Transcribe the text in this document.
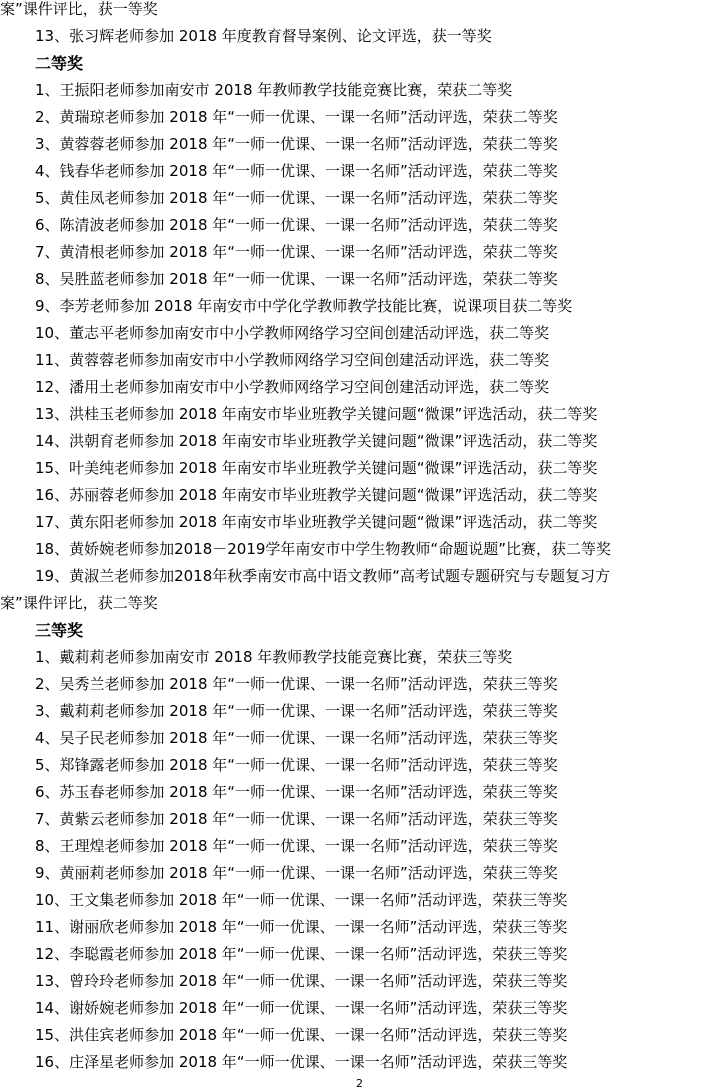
案”课件评比，获一等奖
13、张习辉老师参加 2018 年度教育督导案例、论文评选，获一等奖
二等奖
1、王振阳老师参加南安市 2018 年教师教学技能竞赛比赛，荣获二等奖
2、黄瑞琼老师参加 2018 年“一师一优课、一课一名师”活动评选，荣获二等奖
3、黄蓉蓉老师参加 2018 年“一师一优课、一课一名师”活动评选，荣获二等奖
4、钱春华老师参加 2018 年“一师一优课、一课一名师”活动评选，荣获二等奖
5、黄佳凤老师参加 2018 年“一师一优课、一课一名师”活动评选，荣获二等奖
6、陈清波老师参加 2018 年“一师一优课、一课一名师”活动评选，荣获二等奖
7、黄清根老师参加 2018 年“一师一优课、一课一名师”活动评选，荣获二等奖
8、吴胜蓝老师参加 2018 年“一师一优课、一课一名师”活动评选，荣获二等奖
9、李芳老师参加 2018 年南安市中学化学教师教学技能比赛，说课项目获二等奖
10、董志平老师参加南安市中小学教师网络学习空间创建活动评选，获二等奖
11、黄蓉蓉老师参加南安市中小学教师网络学习空间创建活动评选，获二等奖
12、潘用土老师参加南安市中小学教师网络学习空间创建活动评选，获二等奖
13、洪桂玉老师参加 2018 年南安市毕业班教学关键问题“微课”评选活动，获二等奖
14、洪朝育老师参加 2018 年南安市毕业班教学关键问题“微课”评选活动，获二等奖
15、叶美纯老师参加 2018 年南安市毕业班教学关键问题“微课”评选活动，获二等奖
16、苏丽蓉老师参加 2018 年南安市毕业班教学关键问题“微课”评选活动，获二等奖
17、黄东阳老师参加 2018 年南安市毕业班教学关键问题“微课”评选活动，获二等奖
18、黄娇婉老师参加2018－2019学年南安市中学生物教师“命题说题”比赛，获二等奖
19、黄淑兰老师参加2018年秋季南安市高中语文教师“高考试题专题研究与专题复习方
案”课件评比，获二等奖
三等奖
1、戴莉莉老师参加南安市 2018 年教师教学技能竞赛比赛，荣获三等奖
2、吴秀兰老师参加 2018 年“一师一优课、一课一名师”活动评选，荣获三等奖
3、戴莉莉老师参加 2018 年“一师一优课、一课一名师”活动评选，荣获三等奖
4、吴子民老师参加 2018 年“一师一优课、一课一名师”活动评选，荣获三等奖
5、郑锋露老师参加 2018 年“一师一优课、一课一名师”活动评选，荣获三等奖
6、苏玉春老师参加 2018 年“一师一优课、一课一名师”活动评选，荣获三等奖
7、黄紫云老师参加 2018 年“一师一优课、一课一名师”活动评选，荣获三等奖
8、王理煌老师参加 2018 年“一师一优课、一课一名师”活动评选，荣获三等奖
9、黄丽莉老师参加 2018 年“一师一优课、一课一名师”活动评选，荣获三等奖
10、王文集老师参加 2018 年“一师一优课、一课一名师”活动评选，荣获三等奖
11、谢丽欣老师参加 2018 年“一师一优课、一课一名师”活动评选，荣获三等奖
12、李聪霞老师参加 2018 年“一师一优课、一课一名师”活动评选，荣获三等奖
13、曾玲玲老师参加 2018 年“一师一优课、一课一名师”活动评选，荣获三等奖
14、谢娇婉老师参加 2018 年“一师一优课、一课一名师”活动评选，荣获三等奖
15、洪佳宾老师参加 2018 年“一师一优课、一课一名师”活动评选，荣获三等奖
16、庄泽星老师参加 2018 年“一师一优课、一课一名师”活动评选，荣获三等奖
2
